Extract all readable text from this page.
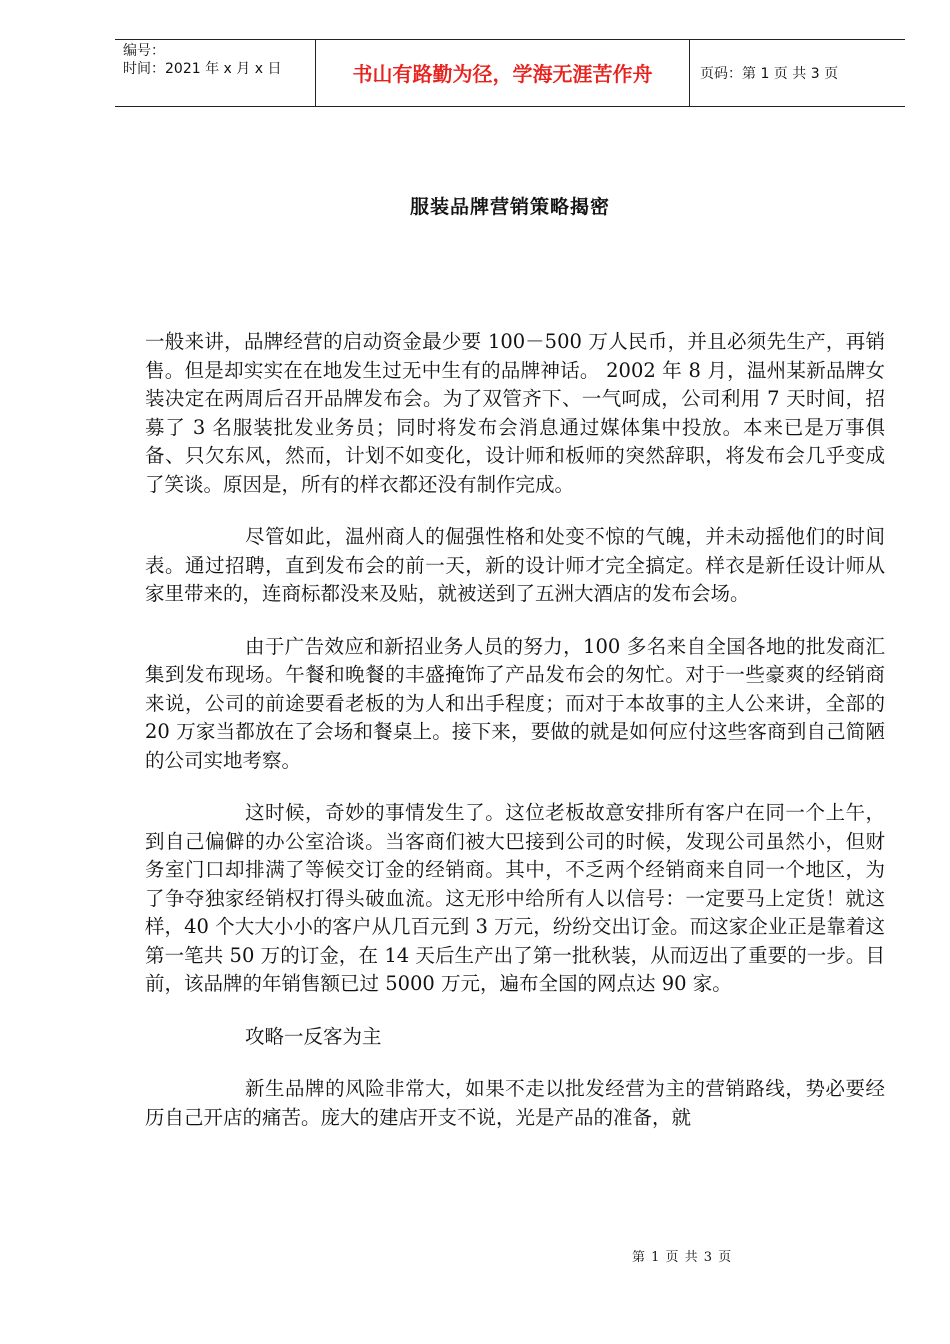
编号：
时间：2021 年 x 月 x 日	书山有路勤为径，学海无涯苦作舟	页码：第 1 页 共 3 页
服装品牌营销策略揭密

一般来讲，品牌经营的启动资金最少要 100－500 万人民币，并且必须先生产，再销售。但是却实实在在地发生过无中生有的品牌神话。 2002 年 8 月，温州某新品牌女装决定在两周后召开品牌发布会。为了双管齐下、一气呵成，公司利用 7 天时间，招募了 3 名服装批发业务员；同时将发布会消息通过媒体集中投放。本来已是万事俱备、只欠东风，然而，计划不如变化，设计师和板师的突然辞职，将发布会几乎变成了笑谈。原因是，所有的样衣都还没有制作完成。

尽管如此，温州商人的倔强性格和处变不惊的气魄，并未动摇他们的时间表。通过招聘，直到发布会的前一天，新的设计师才完全搞定。样衣是新任设计师从家里带来的，连商标都没来及贴，就被送到了五洲大酒店的发布会场。

由于广告效应和新招业务人员的努力，100 多名来自全国各地的批发商汇集到发布现场。午餐和晚餐的丰盛掩饰了产品发布会的匆忙。对于一些豪爽的经销商来说，公司的前途要看老板的为人和出手程度；而对于本故事的主人公来讲，全部的 20 万家当都放在了会场和餐桌上。接下来，要做的就是如何应付这些客商到自己简陋的公司实地考察。

这时候，奇妙的事情发生了。这位老板故意安排所有客户在同一个上午，到自己偏僻的办公室洽谈。当客商们被大巴接到公司的时候，发现公司虽然小，但财务室门口却排满了等候交订金的经销商。其中，不乏两个经销商来自同一个地区，为了争夺独家经销权打得头破血流。这无形中给所有人以信号：一定要马上定货！就这样，40 个大大小小的客户从几百元到 3 万元，纷纷交出订金。而这家企业正是靠着这第一笔共 50 万的订金，在 14 天后生产出了第一批秋装，从而迈出了重要的一步。目前，该品牌的年销售额已过 5000 万元，遍布全国的网点达 90 家。

攻略一反客为主

新生品牌的风险非常大，如果不走以批发经营为主的营销路线，势必要经历自己开店的痛苦。庞大的建店开支不说，光是产品的准备，就

第 1 页 共 3 页
